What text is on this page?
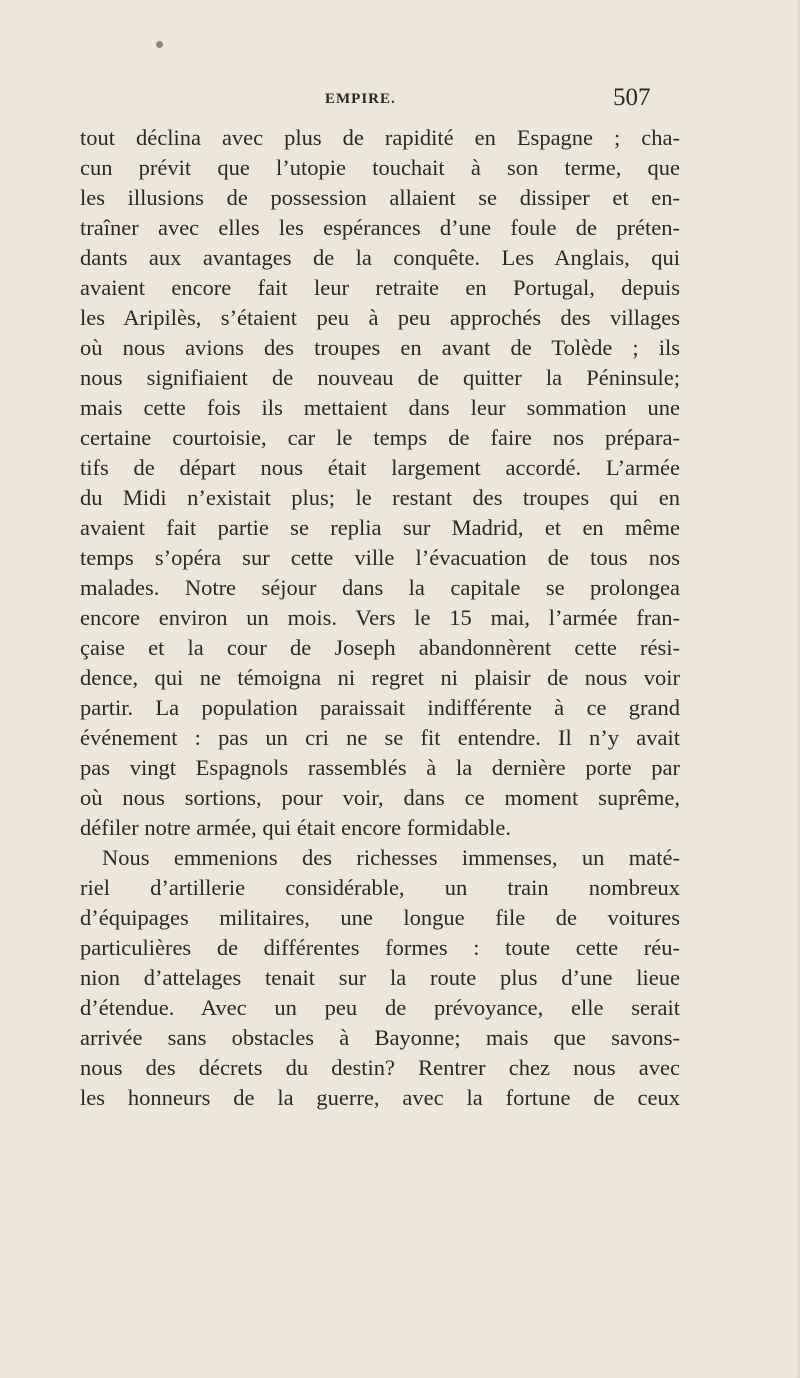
EMPIRE.	507
tout déclina avec plus de rapidité en Espagne ; cha-
cun prévit que l’utopie touchait à son terme, que
les illusions de possession allaient se dissiper et en-
traîner avec elles les espérances d’une foule de préten-
dants aux avantages de la conquête. Les Anglais, qui
avaient encore fait leur retraite en Portugal, depuis
les Aripilès, s’étaient peu à peu approchés des villages
où nous avions des troupes en avant de Tolède ; ils
nous signifiaient de nouveau de quitter la Péninsule;
mais cette fois ils mettaient dans leur sommation une
certaine courtoisie, car le temps de faire nos prépara-
tifs de départ nous était largement accordé. L’armée
du Midi n’existait plus; le restant des troupes qui en
avaient fait partie se replia sur Madrid, et en même
temps s’opéra sur cette ville l’évacuation de tous nos
malades. Notre séjour dans la capitale se prolongea
encore environ un mois. Vers le 15 mai, l’armée fran-
çaise et la cour de Joseph abandonnèrent cette rési-
dence, qui ne témoigna ni regret ni plaisir de nous voir
partir. La population paraissait indifférente à ce grand
événement : pas un cri ne se fit entendre. Il n’y avait
pas vingt Espagnols rassemblés à la dernière porte par
où nous sortions, pour voir, dans ce moment suprême,
défiler notre armée, qui était encore formidable.
Nous emmenions des richesses immenses, un maté-
riel d’artillerie considérable, un train nombreux
d’équipages militaires, une longue file de voitures
particulières de différentes formes : toute cette réu-
nion d’attelages tenait sur la route plus d’une lieue
d’étendue. Avec un peu de prévoyance, elle serait
arrivée sans obstacles à Bayonne; mais que savons-
nous des décrets du destin? Rentrer chez nous avec
les honneurs de la guerre, avec la fortune de ceux
